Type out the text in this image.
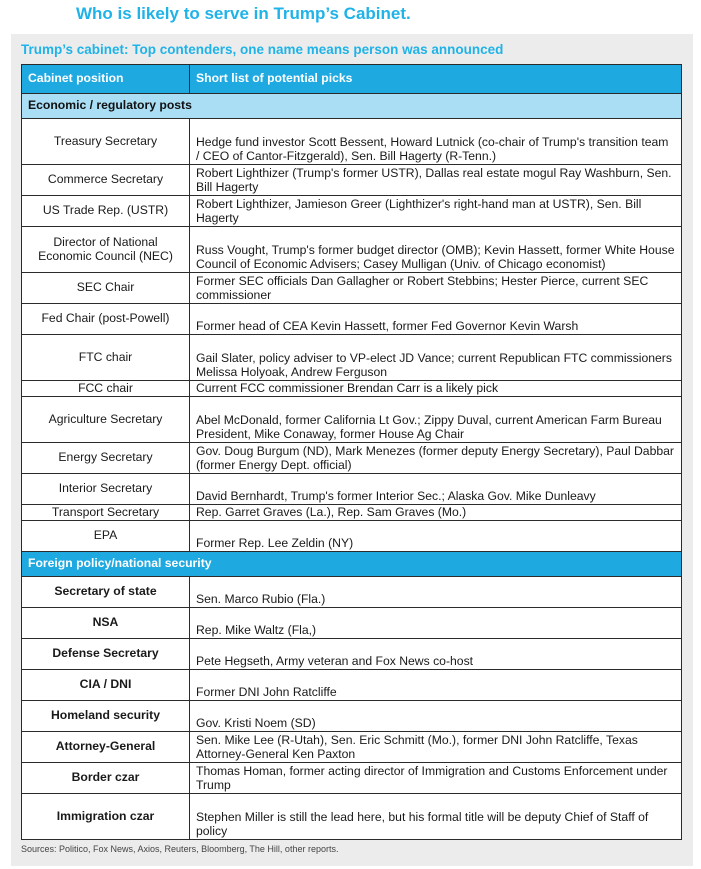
Who is likely to serve in Trump’s Cabinet.
Trump’s cabinet: Top contenders, one name means person was announced
Cabinet position	Short list of potential picks
Economic / regulatory posts	
Treasury Secretary	Hedge fund investor Scott Bessent, Howard Lutnick (co-chair of Trump's transition team / CEO of Cantor-Fitzgerald), Sen. Bill Hagerty (R-Tenn.)
Commerce Secretary	Robert Lighthizer (Trump's former USTR), Dallas real estate mogul Ray Washburn, Sen. Bill Hagerty
US Trade Rep. (USTR)	Robert Lighthizer, Jamieson Greer (Lighthizer's right-hand man at USTR), Sen. Bill Hagerty
Director of National Economic Council (NEC)	Russ Vought, Trump's former budget director (OMB); Kevin Hassett, former White House Council of Economic Advisers; Casey Mulligan (Univ. of Chicago economist)
SEC Chair	Former SEC officials Dan Gallagher or Robert Stebbins; Hester Pierce, current SEC commissioner
Fed Chair (post-Powell)	Former head of CEA Kevin Hassett, former Fed Governor Kevin Warsh
FTC chair	Gail Slater, policy adviser to VP-elect JD Vance; current Republican FTC commissioners Melissa Holyoak, Andrew Ferguson
FCC chair	Current FCC commissioner Brendan Carr is a likely pick
Agriculture Secretary	Abel McDonald, former California Lt Gov.; Zippy Duval, current American Farm Bureau President, Mike Conaway, former House Ag Chair
Energy Secretary	Gov. Doug Burgum (ND), Mark Menezes (former deputy Energy Secretary), Paul Dabbar (former Energy Dept. official)
Interior Secretary	David Bernhardt, Trump's former Interior Sec.; Alaska Gov. Mike Dunleavy
Transport Secretary	Rep. Garret Graves (La.), Rep. Sam Graves (Mo.)
EPA	Former Rep. Lee Zeldin (NY)
Foreign policy/national security	
Secretary of state	Sen. Marco Rubio (Fla.)
NSA	Rep. Mike Waltz (Fla,)
Defense Secretary	Pete Hegseth, Army veteran and Fox News co-host
CIA / DNI	Former DNI John Ratcliffe
Homeland security	Gov. Kristi Noem (SD)
Attorney-General	Sen. Mike Lee (R-Utah), Sen. Eric Schmitt (Mo.), former DNI John Ratcliffe, Texas Attorney-General Ken Paxton
Border czar	Thomas Homan, former acting director of Immigration and Customs Enforcement under Trump
Immigration czar	Stephen Miller is still the lead here, but his formal title will be deputy Chief of Staff of policy
Sources: Politico, Fox News, Axios, Reuters, Bloomberg, The Hill, other reports.
